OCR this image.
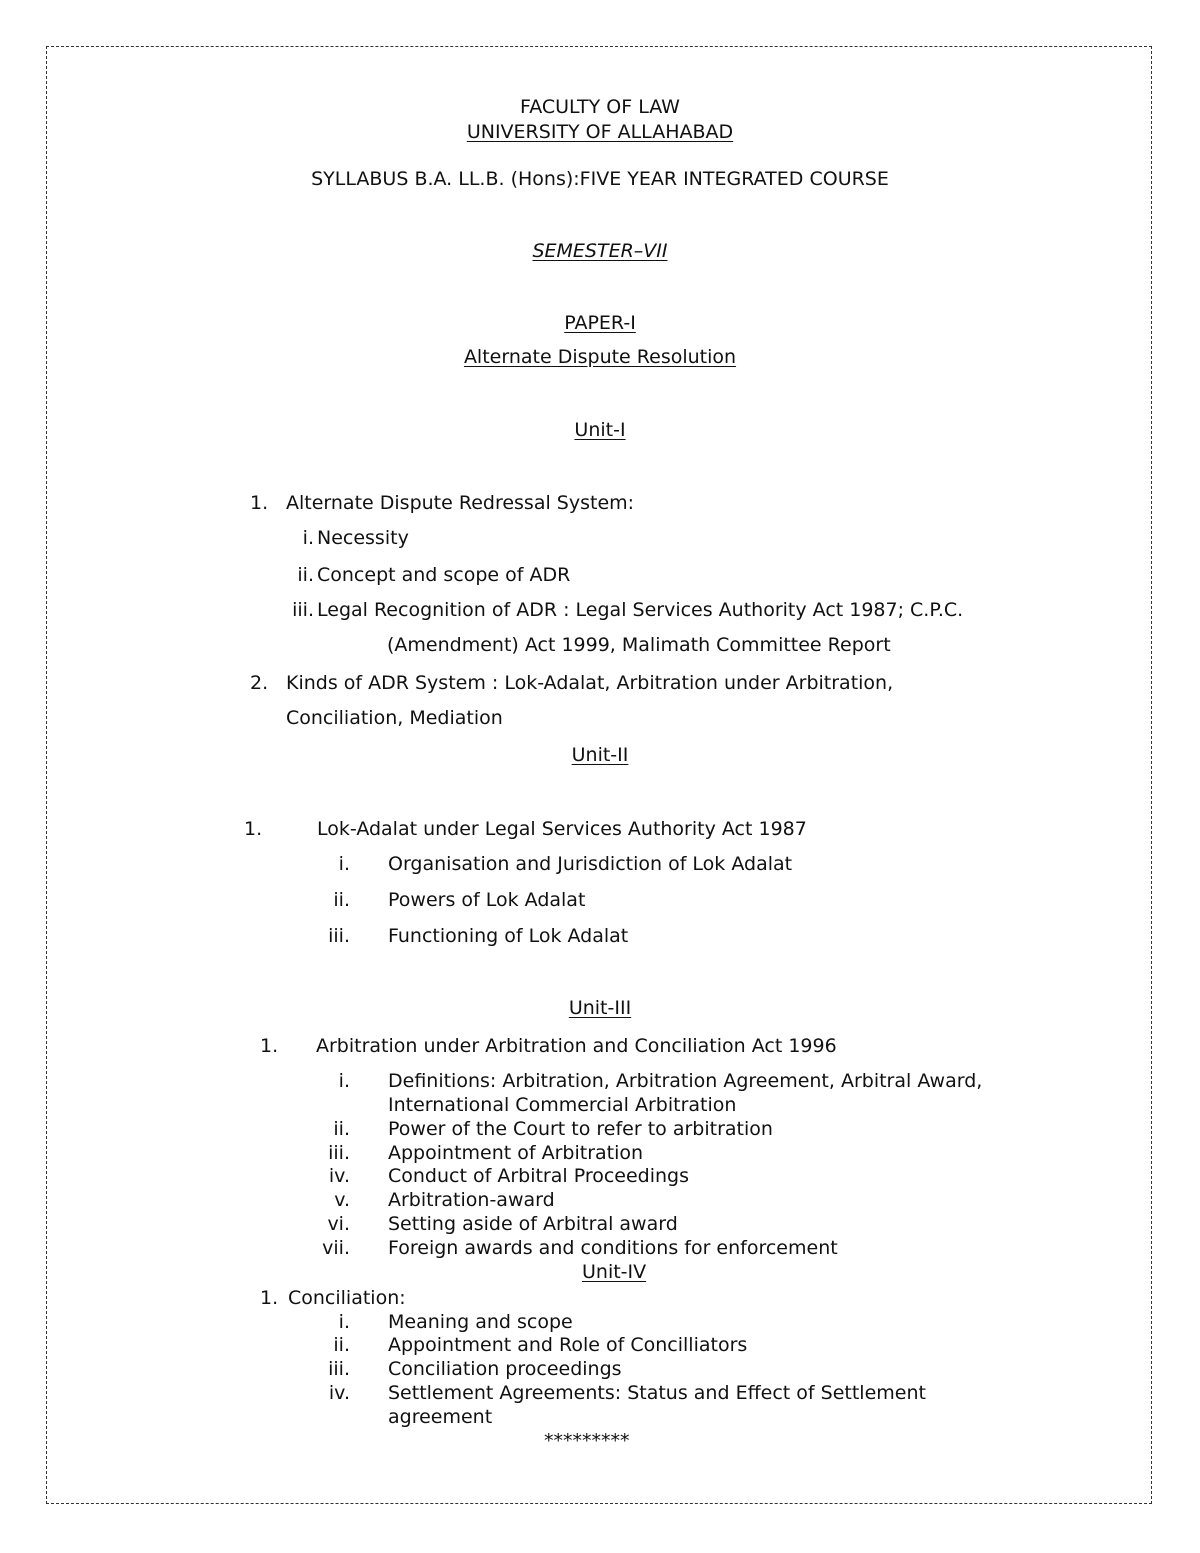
FACULTY OF LAW
UNIVERSITY OF ALLAHABAD
SYLLABUS B.A. LL.B. (Hons):FIVE YEAR INTEGRATED COURSE
SEMESTER–VII
PAPER-I
Alternate Dispute Resolution
Unit-I
1. Alternate Dispute Redressal System:
i. Necessity
ii. Concept and scope of ADR
iii. Legal Recognition of ADR : Legal Services Authority Act 1987; C.P.C.
(Amendment) Act 1999, Malimath Committee Report
2. Kinds of ADR System : Lok-Adalat, Arbitration under Arbitration,
Conciliation, Mediation
Unit-II
1.	Lok-Adalat under Legal Services Authority Act 1987
i. Organisation and Jurisdiction of Lok Adalat
ii. Powers of Lok Adalat
iii. Functioning of Lok Adalat
Unit-III
1. Arbitration under Arbitration and Conciliation Act 1996
i. Definitions: Arbitration, Arbitration Agreement, Arbitral Award,
International Commercial Arbitration
ii. Power of the Court to refer to arbitration
iii. Appointment of Arbitration
iv. Conduct of Arbitral Proceedings
v. Arbitration-award
vi. Setting aside of Arbitral award
vii. Foreign awards and conditions for enforcement
Unit-IV
1. Conciliation:
i. Meaning and scope
ii. Appointment and Role of Concilliators
iii. Conciliation proceedings
iv. Settlement Agreements: Status and Effect of Settlement
agreement
*********
